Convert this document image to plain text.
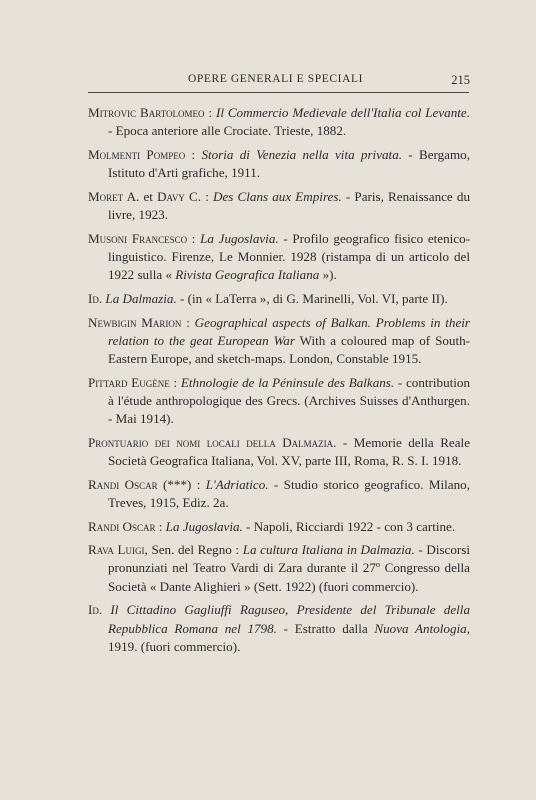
OPERE GENERALI E SPECIALI	215

Mitrovic Bartolomeo : Il Commercio Medievale dell'Italia col Levante. - Epoca anteriore alle Crociate. Trieste, 1882.

Molmenti Pompeo : Storia di Venezia nella vita privata. - Bergamo, Istituto d'Arti grafiche, 1911.

Moret A. et Davy C. : Des Clans aux Empires. - Paris, Renaissance du livre, 1923.

Musoni Francesco : La Jugoslavia. - Profilo geografico fisico etenico-linguistico. Firenze, Le Monnier. 1928 (ristampa di un articolo del 1922 sulla « Rivista Geografica Italiana »).

Id. La Dalmazia. - (in « LaTerra », di G. Marinelli, Vol. VI, parte II).

Newbigin Marion : Geographical aspects of Balkan. Problems in their relation to the geat European War With a coloured map of South-Eastern Europe, and sketch-maps. London, Constable 1915.

Pittard Eugène : Ethnologie de la Péninsule des Balkans. - contribution à l'étude anthropologique des Grecs. (Archives Suisses d'Anthurgen. - Mai 1914).

Prontuario dei nomi locali della Dalmazia. - Memorie della Reale Società Geografica Italiana, Vol. XV, parte III, Roma, R. S. I. 1918.

Randi Oscar (***) : L'Adriatico. - Studio storico geografico. Milano, Treves, 1915, Ediz. 2a.

Randi Oscar : La Jugoslavia. - Napoli, Ricciardi 1922 - con 3 cartine.

Rava Luigi, Sen. del Regno : La cultura Italiana in Dalmazia. - Discorsi pronunziati nel Teatro Vardi di Zara durante il 27º Congresso della Società « Dante Alighieri » (Sett. 1922) (fuori commercio).

Id. Il Cittadino Gagliuffi Raguseo, Presidente del Tribunale della Repubblica Romana nel 1798. - Estratto dalla Nuova Antologia, 1919. (fuori commercio).
